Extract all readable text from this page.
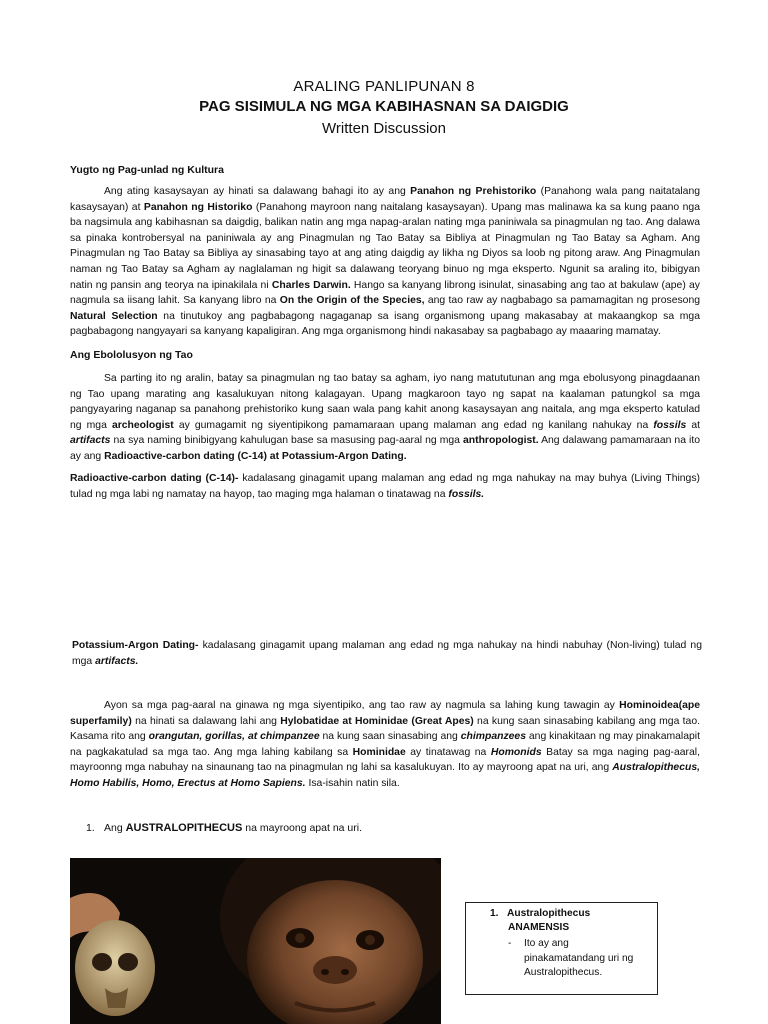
ARALING PANLIPUNAN 8
PAG SISIMULA NG MGA KABIHASNAN SA DAIGDIG
Written Discussion
Yugto ng Pag-unlad ng Kultura
Ang ating kasaysayan ay hinati sa dalawang bahagi ito ay ang Panahon ng Prehistoriko (Panahong wala pang naitatalang kasaysayan) at Panahon ng Historiko (Panahong mayroon nang naitalang kasaysayan). Upang mas malinawa ka sa kung paano nga ba nagsimula ang kabihasnan sa daigdig, balikan natin ang mga napag-aralan nating mga paniniwala sa pinagmulan ng tao. Ang dalawa sa pinaka kontrobersyal na paniniwala ay ang Pinagmulan ng Tao Batay sa Bibliya at Pinagmulan ng Tao Batay sa Agham. Ang Pinagmulan ng Tao Batay sa Bibliya ay sinasabing tayo at ang ating daigdig ay likha ng Diyos sa loob ng pitong araw. Ang Pinagmulan naman ng Tao Batay sa Agham ay naglalaman ng higit sa dalawang teoryang binuo ng mga eksperto. Ngunit sa araling ito, bibigyan natin ng pansin ang teorya na ipinakilala ni Charles Darwin. Hango sa kanyang librong isinulat, sinasabing ang tao at bakulaw (ape) ay nagmula sa iisang lahit. Sa kanyang libro na On the Origin of the Species, ang tao raw ay nagbabago sa pamamagitan ng prosesong Natural Selection na tinutukoy ang pagbabagong nagaganap sa isang organismong upang makasabay at makaangkop sa mga pagbabagong nangyayari sa kanyang kapaligiran. Ang mga organismong hindi nakasabay sa pagbabago ay maaaring mamatay.
Ang Ebololusyon ng Tao
Sa parting ito ng aralin, batay sa pinagmulan ng tao batay sa agham, iyo nang matututunan ang mga ebolusyong pinagdaanan ng Tao upang marating ang kasalukuyan nitong kalagayan. Upang magkaroon tayo ng sapat na kaalaman patungkol sa mga pangyayaring naganap sa panahong prehistoriko kung saan wala pang kahit anong kasaysayan ang naitala, ang mga eksperto katulad ng mga archeologist ay gumagamit ng siyentipikong pamamaraan upang malaman ang edad ng kanilang nahukay na fossils at artifacts na sya naming binibigyang kahulugan base sa masusing pag-aaral ng mga anthropologist. Ang dalawang pamamaraan na ito ay ang Radioactive-carbon dating (C-14) at Potassium-Argon Dating.
Radioactive-carbon dating (C-14)- kadalasang ginagamit upang malaman ang edad ng mga nahukay na may buhya (Living Things) tulad ng mga labi ng namatay na hayop, tao maging mga halaman o tinatawag na fossils.
Potassium-Argon Dating- kadalasang ginagamit upang malaman ang edad ng mga nahukay na hindi nabuhay (Non-living) tulad ng mga artifacts.
Ayon sa mga pag-aaral na ginawa ng mga siyentipiko, ang tao raw ay nagmula sa lahing kung tawagin ay Hominoidea(ape superfamily) na hinati sa dalawang lahi ang Hylobatidae at Hominidae (Great Apes) na kung saan sinasabing kabilang ang mga tao. Kasama rito ang orangutan, gorillas, at chimpanzee na kung saan sinasabing ang chimpanzees ang kinakitaan ng may pinakamalapit na pagkakatulad sa mga tao. Ang mga lahing kabilang sa Hominidae ay tinatawag na Homonids Batay sa mga naging pag-aaral, mayroonng mga nabuhay na sinaunang tao na pinagmulan ng lahi sa kasalukuyan. Ito ay mayroong apat na uri, ang Australopithecus, Homo Habilis, Homo, Erectus at Homo Sapiens. Isa-isahin natin sila.
1. Ang AUSTRALOPITHECUS na mayroong apat na uri.
1. Australopithecus
ANAMENSIS
- Ito ay ang pinakamatandang uri ng Australopithecus.
